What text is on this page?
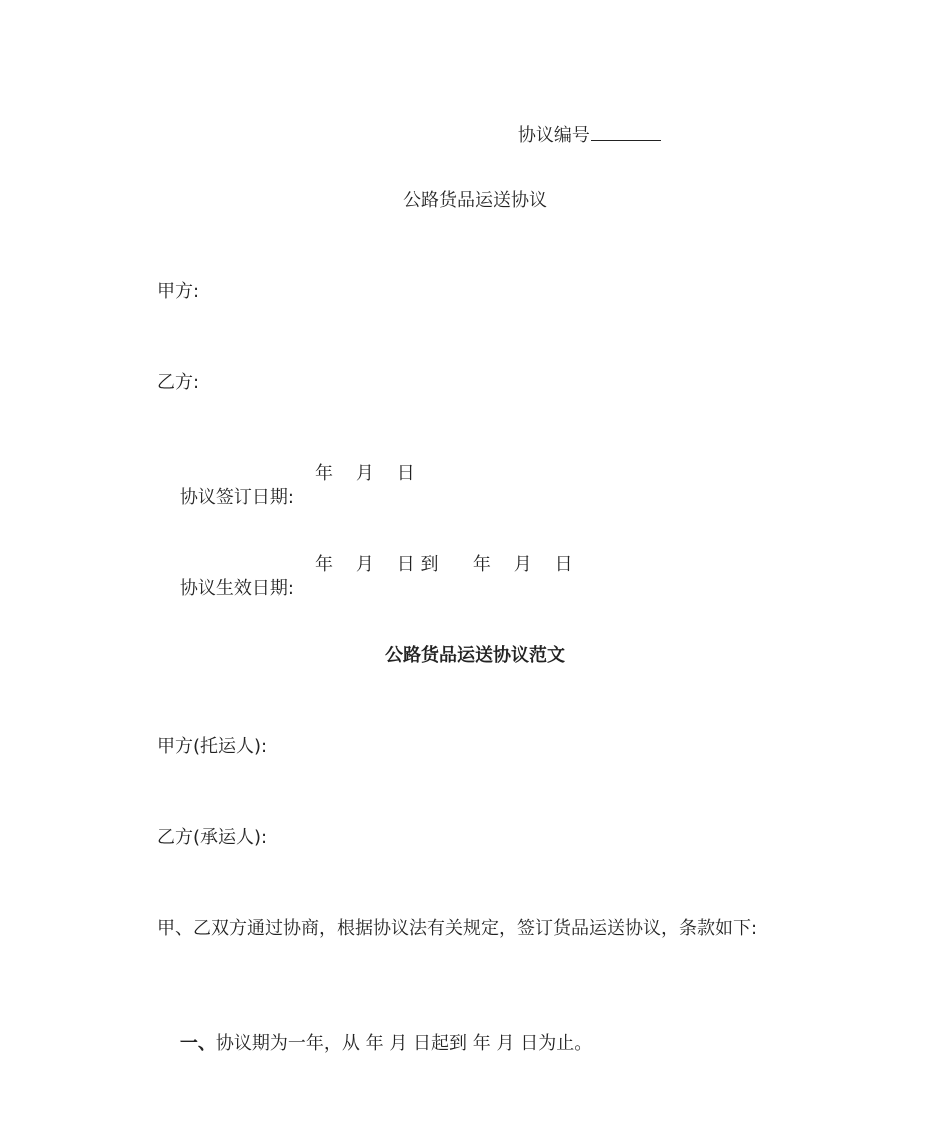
协议编号

公路货品运送协议
甲方:
乙方:

协议签订日期:

年    月    日

协议生效日期:

年    月    日 到      年    月    日

公路货品运送协议范文
甲方(托运人):
乙方(承运人):
甲、乙双方通过协商，根据协议法有关规定，签订货品运送协议，条款如下:

一、协议期为一年，从 年 月 日起到 年 月 日为止。
